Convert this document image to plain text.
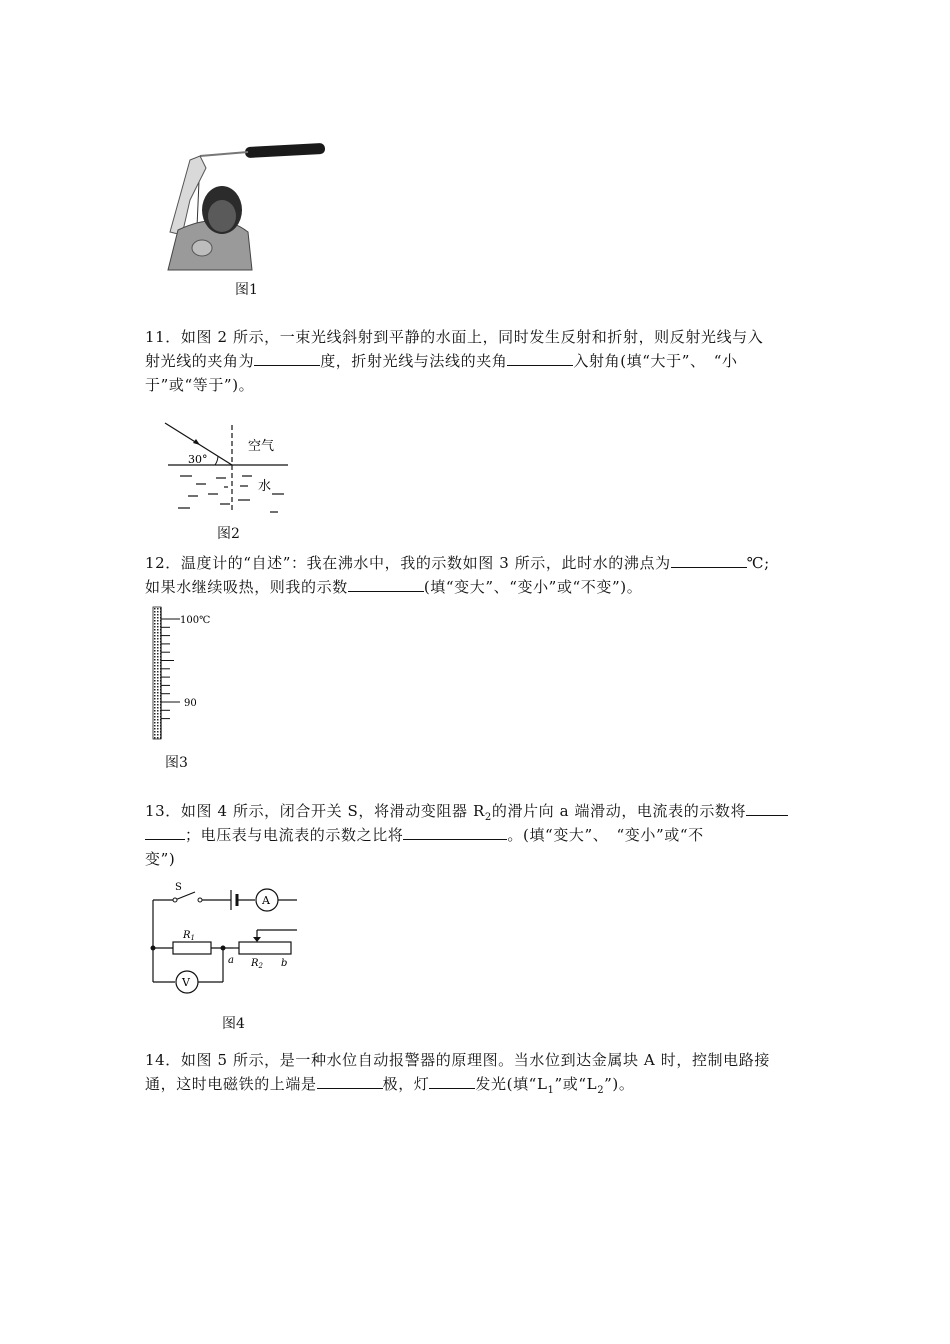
图1
11．如图 2 所示，一束光线斜射到平静的水面上，同时发生反射和折射，则反射光线与入
射光线的夹角为	度，折射光线与法线的夹角	入射角(填“大于”、　“小
于”或“等于”)。
30°
空气
水
图2
12．温度计的“自述”：我在沸水中，我的示数如图 3 所示，此时水的沸点为	℃;
如果水继续吸热，则我的示数	(填“变大”、“变小”或“不变”)。
100℃
90
图3
13．如图 4 所示，闭合开关 S，将滑动变阻器 $R_2$的滑片向 a 端滑动，电流表的示数将
；电压表与电流表的示数之比将	。(填“变大”、　“变小”或“不
变”)
S
A
V
$R_1$
$R_2$
a	b
图4
14．如图 5 所示，是一种水位自动报警器的原理图。当水位到达金属块 A 时，控制电路接
通，这时电磁铁的上端是	极，灯	发光(填“$L_1$”或“$L_2$”)。
